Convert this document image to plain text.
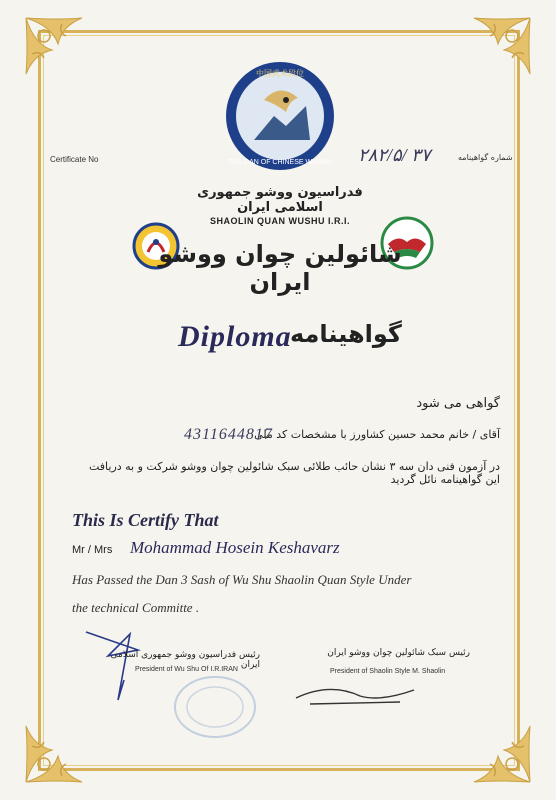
中国武术段位
THE DAN OF CHINESE WUSHU
Certificate No	۲۸۲/۵/ ۳۷	شماره گواهینامه
فدراسیون ووشو جمهوری اسلامی ایران
SHAOLIN QUAN WUSHU I.R.I.
شائولین چوان ووشو ایران
Diploma
گواهینامه
گواهی می شود
آقای / خانم محمد حسین کشاورز با مشخصات کد ملی
4311644817
در آزمون فنی دان سه ۳ نشان حائب طلائی سبک شائولین چوان ووشو شرکت و به دریافت این گواهینامه نائل گردید
This Is Certify That
Mr / Mrs Mohammad Hosein Keshavarz
Has Passed the Dan 3 Sash of Wu Shu Shaolin Quan Style Under
the technical Committe .
رئیس فدراسیون ووشو جمهوری اسلامی ایران
President of Wu Shu Of I.R.IRAN
رئیس سبک شائولین چوان ووشو ایران
President of Shaolin Style M. Shaolin
